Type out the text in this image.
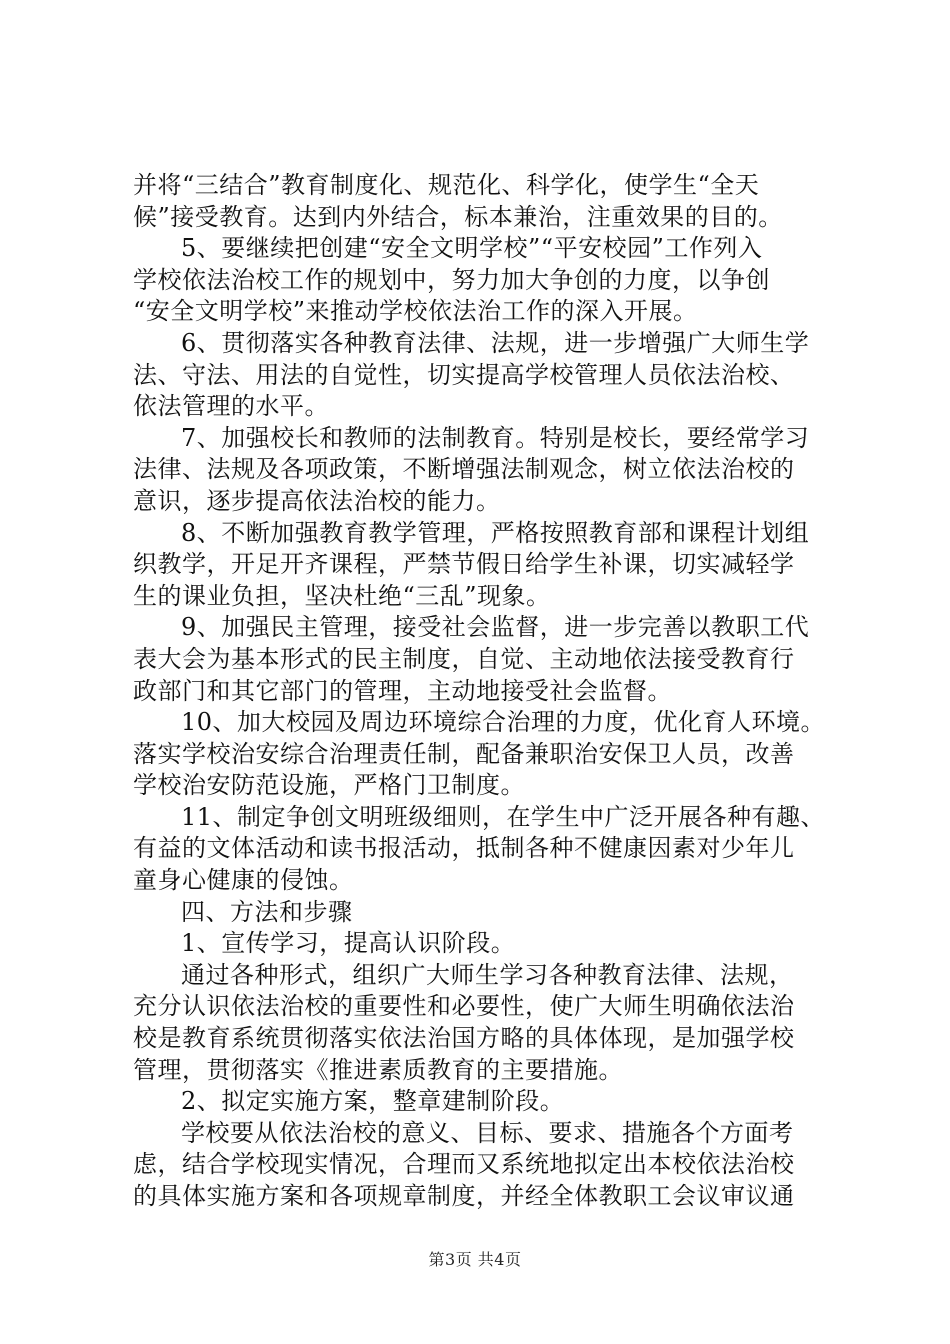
并将“三结合”教育制度化、规范化、科学化，使学生“全天
候”接受教育。达到内外结合，标本兼治，注重效果的目的。
5、要继续把创建“安全文明学校”“平安校园”工作列入
学校依法治校工作的规划中，努力加大争创的力度，以争创
“安全文明学校”来推动学校依法治工作的深入开展。
6、贯彻落实各种教育法律、法规，进一步增强广大师生学
法、守法、用法的自觉性，切实提高学校管理人员依法治校、
依法管理的水平。
7、加强校长和教师的法制教育。特别是校长，要经常学习
法律、法规及各项政策，不断增强法制观念，树立依法治校的
意识，逐步提高依法治校的能力。
8、不断加强教育教学管理，严格按照教育部和课程计划组
织教学，开足开齐课程，严禁节假日给学生补课，切实减轻学
生的课业负担，坚决杜绝“三乱”现象。
9、加强民主管理，接受社会监督，进一步完善以教职工代
表大会为基本形式的民主制度，自觉、主动地依法接受教育行
政部门和其它部门的管理，主动地接受社会监督。
10、加大校园及周边环境综合治理的力度，优化育人环境。
落实学校治安综合治理责任制，配备兼职治安保卫人员，改善
学校治安防范设施，严格门卫制度。
11、制定争创文明班级细则，在学生中广泛开展各种有趣、
有益的文体活动和读书报活动，抵制各种不健康因素对少年儿
童身心健康的侵蚀。
四、方法和步骤
1、宣传学习，提高认识阶段。
通过各种形式，组织广大师生学习各种教育法律、法规，
充分认识依法治校的重要性和必要性，使广大师生明确依法治
校是教育系统贯彻落实依法治国方略的具体体现，是加强学校
管理，贯彻落实《推进素质教育的主要措施。
2、拟定实施方案，整章建制阶段。
学校要从依法治校的意义、目标、要求、措施各个方面考
虑，结合学校现实情况，合理而又系统地拟定出本校依法治校
的具体实施方案和各项规章制度，并经全体教职工会议审议通
第3页 共4页
